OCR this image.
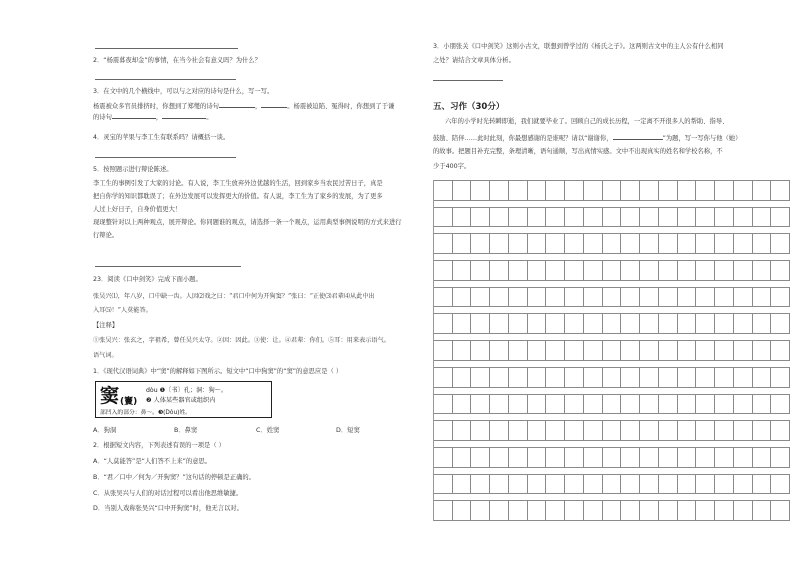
2．“杨震暮夜却金”的事情，在当今社会有意义吗？为什么？
3．在文中的几个横线中，可以与之对应的诗句是什么，写一写。
杨震被众多官员排挤时，你想到了郑燮的诗句	，	。杨震被迫陷、冤得时，你想到了于谦
的诗句	，	。
4．灵宝的苹果与李工生有联系吗？请概括一谈。
5．按照题示进行辩论陈述。
李工生的事例引发了大家的讨论。有人说，李工生放弃外边优越的生活，回到家乡当农民过苦日子，真是
把自你学的知识都耽误了；在外边发展可以发挥更大的价值。有人说，李工生为了家乡的发展，为了更多
人过上好日子，自身价值更大！
现现整针对以上两种观点，展开辩论。你同题谁的观点，请选择一条一个观点，运用典型事例说明的方式来进行
行辩论。
23．阅读《口中剑笑》完成下面小题。
张吴兴⑴，年八岁，口中缺一齿。人因⑵戏之曰：“君口中何为开狗窦？”张曰：“正使⑶君辈⑷从此中出
入耳⑸！”人莫能答。
【注释】
①张吴兴：张玄之，字祖希，曾任吴兴太守。②因：因此。③使：让。④君辈：你们。⑤耳：用来表示语气。
语气词。
1．《现代汉语词典》中“窦”的解释如下图所示。短文中“口中狗窦”的“窦”的意思应是（ ）
窦 (竇)
dòu ❶〔书〕孔；洞：狗～。
❷ 人体某些器官或组织内
部凹入的部分：鼻～。❸(Dòu)姓。
A．狗洞	B．鼻窦	C．姓窦	D．短窦
2．根据短文内容，下列表述有误的一项是（ ）
A．“人莫能答”是“人们答不上来”的意思。
B．“君／口中／何为／开狗窦？”这句话的停顿是正确的。
C．从张吴兴与人们的对话过程可以看出他思维敏捷。
D．当别人戏称张吴兴“口中开狗窦”时，他无言以对。
3．小朋张关《口中剑笑》这则小古文，联想到曾学过的《杨氏之子》。这两则古文中的主人公有什么相同
之处？请结合文章具体分析。
五、习作（30分）
六年的小学时光转瞬即逝，我们就要毕业了。回顾自己的成长历程，一定离不开很多人的帮助、指导、
鼓励、陪伴……此时此刻，你最想感谢的是谁呢？请以“谢谢你，	”为题，写一写你与他（她）
的故事。把题目补充完整，条理清晰，语句通顺，写出真情实感。文中不出现真实的姓名和学校名称，不
少于400字。
